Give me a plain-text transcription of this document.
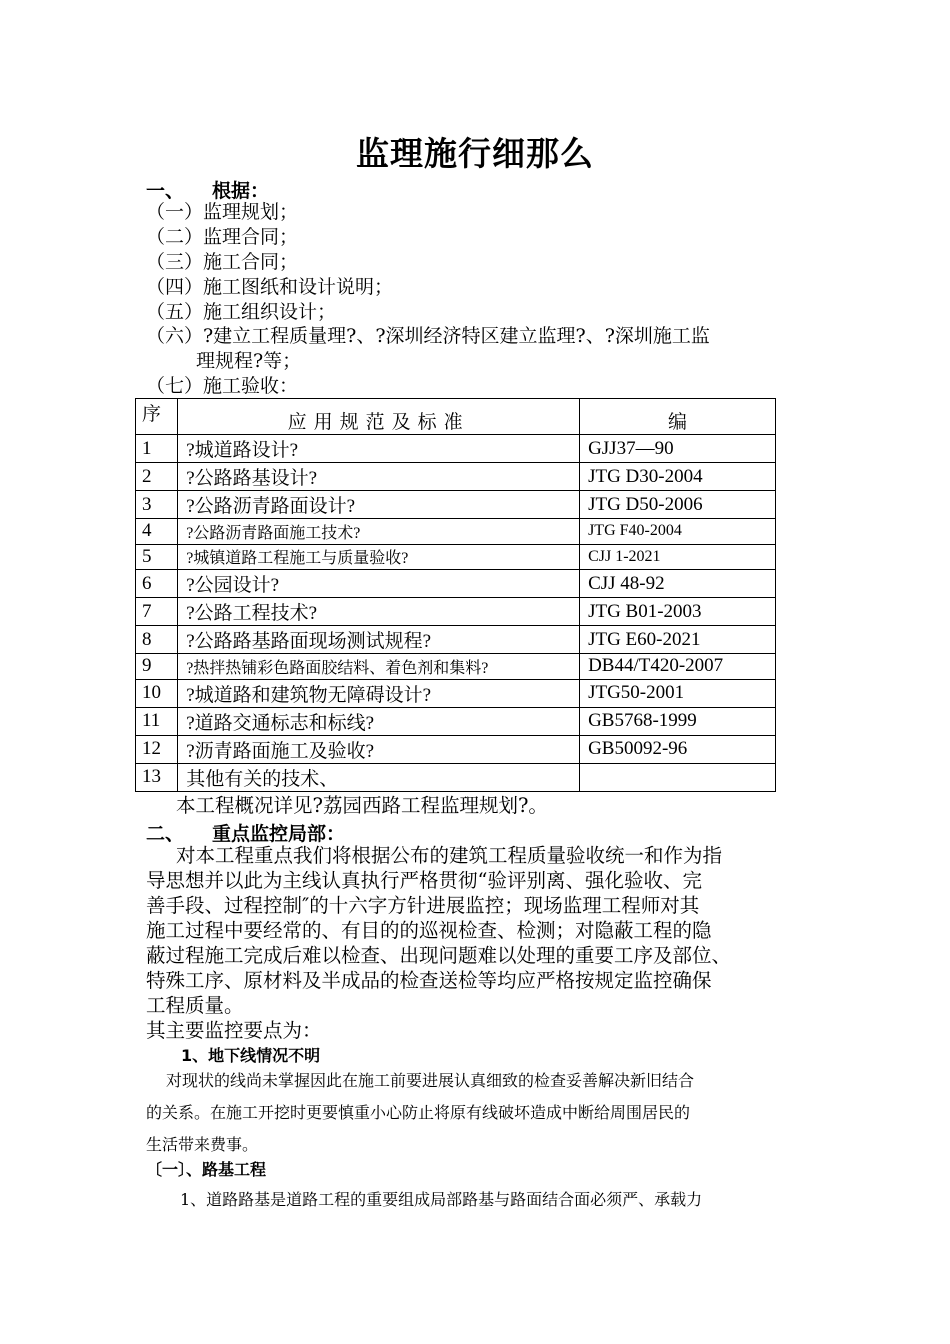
监理施行细那么
一、 根据：
（一）监理规划；
（二）监理合同；
（三）施工合同；
（四）施工图纸和设计说明；
（五）施工组织设计；
（六）?建立工程质量理?、?深圳经济特区建立监理?、?深圳施工监
理规程?等；
（七）施工验收：
序	应用规范及标准	编
1	?城道路设计?	GJJ37—90
2	?公路路基设计?	JTG D30-2004
3	?公路沥青路面设计?	JTG D50-2006
4	?公路沥青路面施工技术?	JTG F40-2004
5	?城镇道路工程施工与质量验收?	CJJ 1-2021
6	?公园设计?	CJJ 48-92
7	?公路工程技术?	JTG B01-2003
8	?公路路基路面现场测试规程?	JTG E60-2021
9	?热拌热铺彩色路面胶结料、着色剂和集料?	DB44/T420-2007
10	?城道路和建筑物无障碍设计?	JTG50-2001
11	?道路交通标志和标线?	GB5768-1999
12	?沥青路面施工及验收?	GB50092-96
13	其他有关的技术、	
本工程概况详见?荔园西路工程监理规划?。
二、 重点监控局部：
对本工程重点我们将根据公布的建筑工程质量验收统一和作为指
导思想并以此为主线认真执行严格贯彻“验评别离、强化验收、完
善手段、过程控制″的十六字方针进展监控；现场监理工程师对其
施工过程中要经常的、有目的的巡视检查、检测；对隐蔽工程的隐
蔽过程施工完成后难以检查、出现问题难以处理的重要工序及部位、
特殊工序、原材料及半成品的检查送检等均应严格按规定监控确保
工程质量。
其主要监控要点为：
1、地下线情况不明
对现状的线尚未掌握因此在施工前要进展认真细致的检查妥善解决新旧结合
的关系。在施工开挖时更要慎重小心防止将原有线破坏造成中断给周围居民的
生活带来费事。
〔一〕、路基工程
1、道路路基是道路工程的重要组成局部路基与路面结合面必须严、承载力
